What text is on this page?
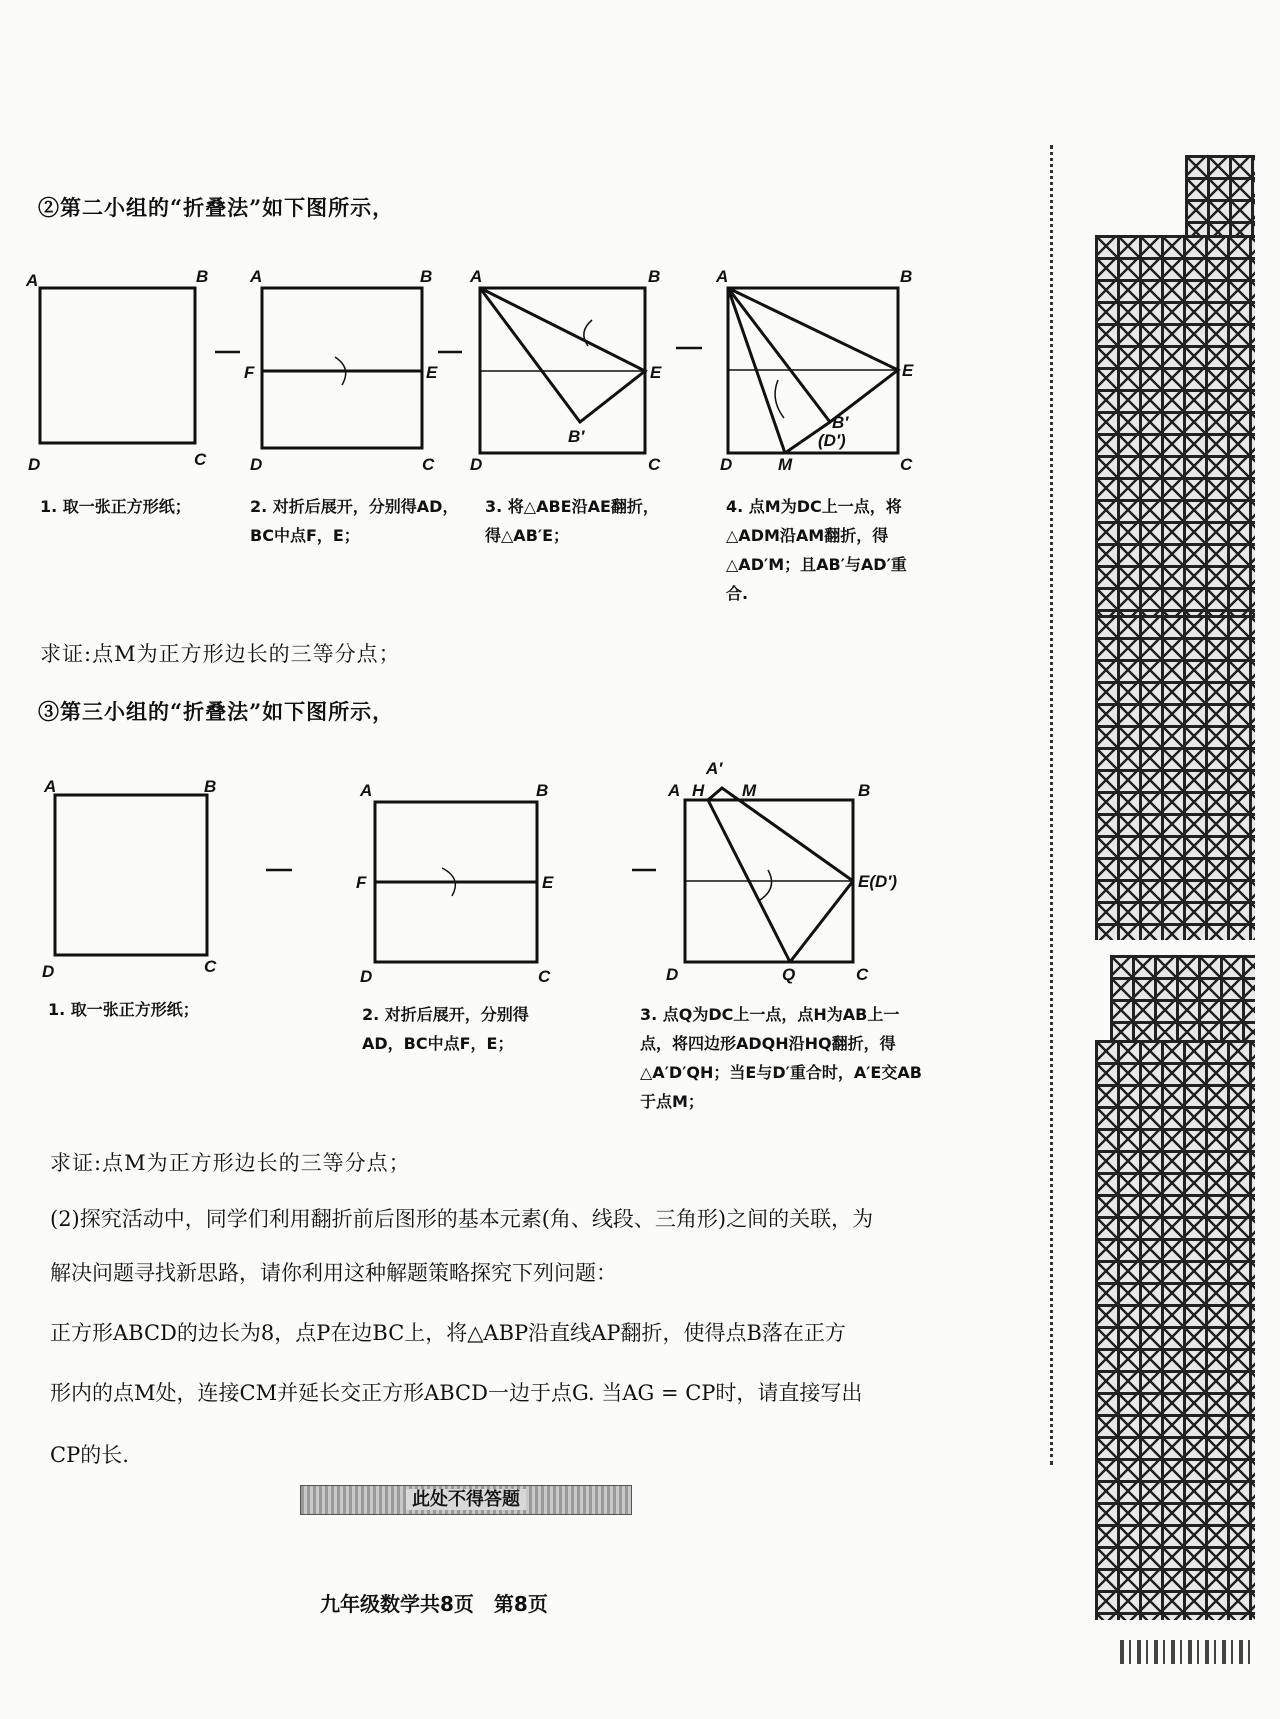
②第二小组的“折叠法”如下图所示，
A	B
D	C
A	B
F	E
D	C
A	B
E
B′
D	C
A	B
E
B′
(D′)
M
D	C
1. 取一张正方形纸；	2. 对折后展开，分别得AD，BC中点F，E；
3. 将△ABE沿AE翻折，得△AB′E；
4. 点M为DC上一点，将△ADM沿AM翻折，得△AD′M；且AB′与AD′重合.
求证:点M为正方形边长的三等分点；
③第三小组的“折叠法”如下图所示，
A	B
D	C
A	B
F	E
D	C
A H
A′
M	B
E(D′)
D	Q	C
1. 取一张正方形纸；	2. 对折后展开，分别得AD，BC中点F，E；
3. 点Q为DC上一点，点H为AB上一点，将四边形ADQH沿HQ翻折，得△A′D′QH；当E与D′重合时，A′E交AB于点M；
求证:点M为正方形边长的三等分点；
(2)探究活动中，同学们利用翻折前后图形的基本元素(角、线段、三角形)之间的关联，为
解决问题寻找新思路，请你利用这种解题策略探究下列问题：
正方形ABCD的边长为8，点P在边BC上，将△ABP沿直线AP翻折，使得点B落在正方
形内的点M处，连接CM并延长交正方形ABCD一边于点G. 当AG = CP时，请直接写出
CP的长.
此处不得答题
九年级数学共8页　第8页
